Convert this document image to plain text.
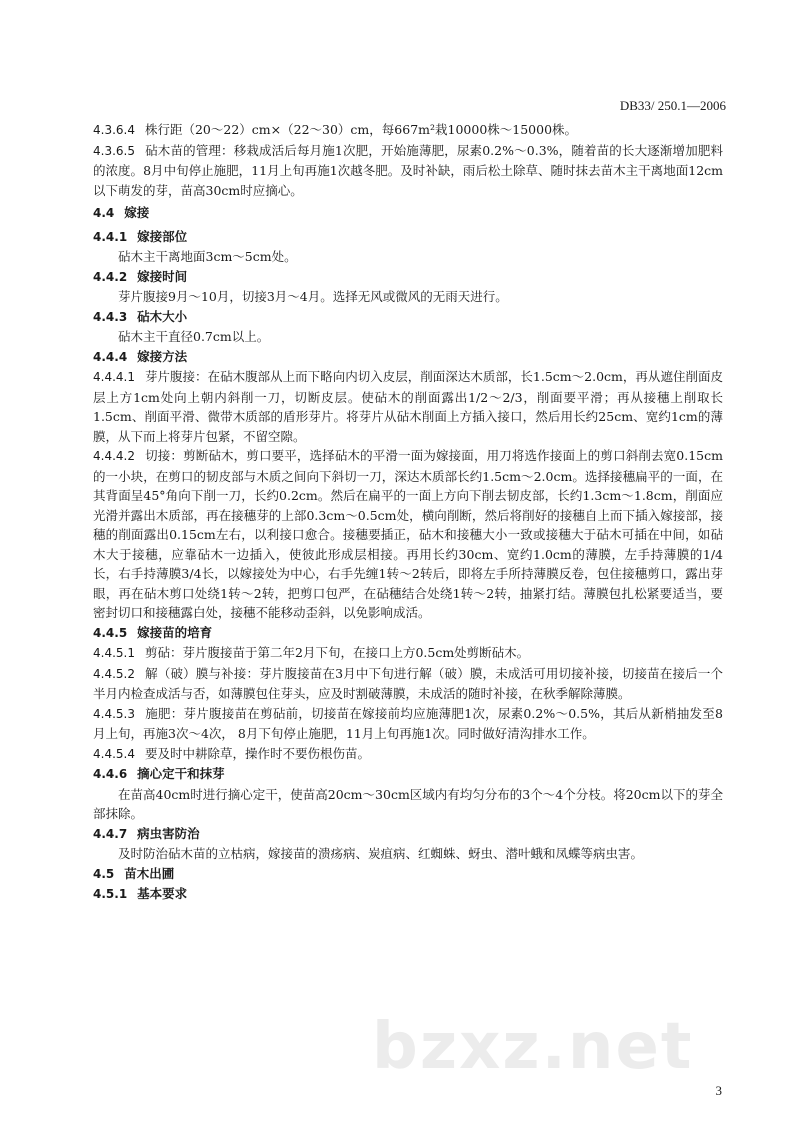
DB33/ 250.1—2006

4.3.6.4 株行距（20～22）cm×（22～30）cm，每667m²栽10000株～15000株。

4.3.6.5 砧木苗的管理：移栽成活后每月施1次肥，开始施薄肥，尿素0.2%～0.3%，随着苗的长大逐渐增加肥料的浓度。8月中旬停止施肥，11月上旬再施1次越冬肥。及时补缺，雨后松土除草、随时抹去苗木主干离地面12cm以下萌发的芽，苗高30cm时应摘心。

4.4 嫁接

4.4.1 嫁接部位

砧木主干离地面3cm～5cm处。

4.4.2 嫁接时间

芽片腹接9月～10月，切接3月～4月。选择无风或微风的无雨天进行。

4.4.3 砧木大小

砧木主干直径0.7cm以上。

4.4.4 嫁接方法

4.4.4.1 芽片腹接：在砧木腹部从上而下略向内切入皮层，削面深达木质部，长1.5cm～2.0cm，再从遮住削面皮层上方1cm处向上朝内斜削一刀，切断皮层。使砧木的削面露出1/2～2/3，削面要平滑；再从接穗上削取长1.5cm、削面平滑、微带木质部的盾形芽片。将芽片从砧木削面上方插入接口，然后用长约25cm、宽约1cm的薄膜，从下而上将芽片包紧，不留空隙。

4.4.4.2 切接：剪断砧木，剪口要平，选择砧木的平滑一面为嫁接面，用刀将选作接面上的剪口斜削去宽0.15cm的一小块，在剪口的韧皮部与木质之间向下斜切一刀，深达木质部长约1.5cm～2.0cm。选择接穗扁平的一面，在其背面呈45°角向下削一刀，长约0.2cm。然后在扁平的一面上方向下削去韧皮部，长约1.3cm～1.8cm，削面应光滑并露出木质部，再在接穗芽的上部0.3cm～0.5cm处，横向削断，然后将削好的接穗自上而下插入嫁接部，接穗的削面露出0.15cm左右，以利接口愈合。接穗要插正，砧木和接穗大小一致或接穗大于砧木可插在中间，如砧木大于接穗，应靠砧木一边插入，使彼此形成层相接。再用长约30cm、宽约1.0cm的薄膜，左手持薄膜的1/4长，右手持薄膜3/4长，以嫁接处为中心，右手先缠1转～2转后，即将左手所持薄膜反卷，包住接穗剪口，露出芽眼，再在砧木剪口处绕1转～2转，把剪口包严，在砧穗结合处绕1转～2转，抽紧打结。薄膜包扎松紧要适当，要密封切口和接穗露白处，接穗不能移动歪斜，以免影响成活。

4.4.5 嫁接苗的培育

4.4.5.1 剪砧：芽片腹接苗于第二年2月下旬，在接口上方0.5cm处剪断砧木。

4.4.5.2 解（破）膜与补接：芽片腹接苗在3月中下旬进行解（破）膜，未成活可用切接补接，切接苗在接后一个半月内检查成活与否，如薄膜包住芽头，应及时割破薄膜，未成活的随时补接，在秋季解除薄膜。

4.4.5.3 施肥：芽片腹接苗在剪砧前，切接苗在嫁接前均应施薄肥1次，尿素0.2%～0.5%，其后从新梢抽发至8月上旬，再施3次～4次， 8月下旬停止施肥，11月上旬再施1次。同时做好清沟排水工作。

4.4.5.4 要及时中耕除草，操作时不要伤根伤苗。

4.4.6 摘心定干和抹芽

在苗高40cm时进行摘心定干，使苗高20cm～30cm区域内有均匀分布的3个～4个分枝。将20cm以下的芽全部抹除。

4.4.7 病虫害防治

及时防治砧木苗的立枯病，嫁接苗的溃疡病、炭疽病、红蜘蛛、蚜虫、潜叶蛾和凤蝶等病虫害。

4.5 苗木出圃

4.5.1 基本要求

bzxz.net
3
